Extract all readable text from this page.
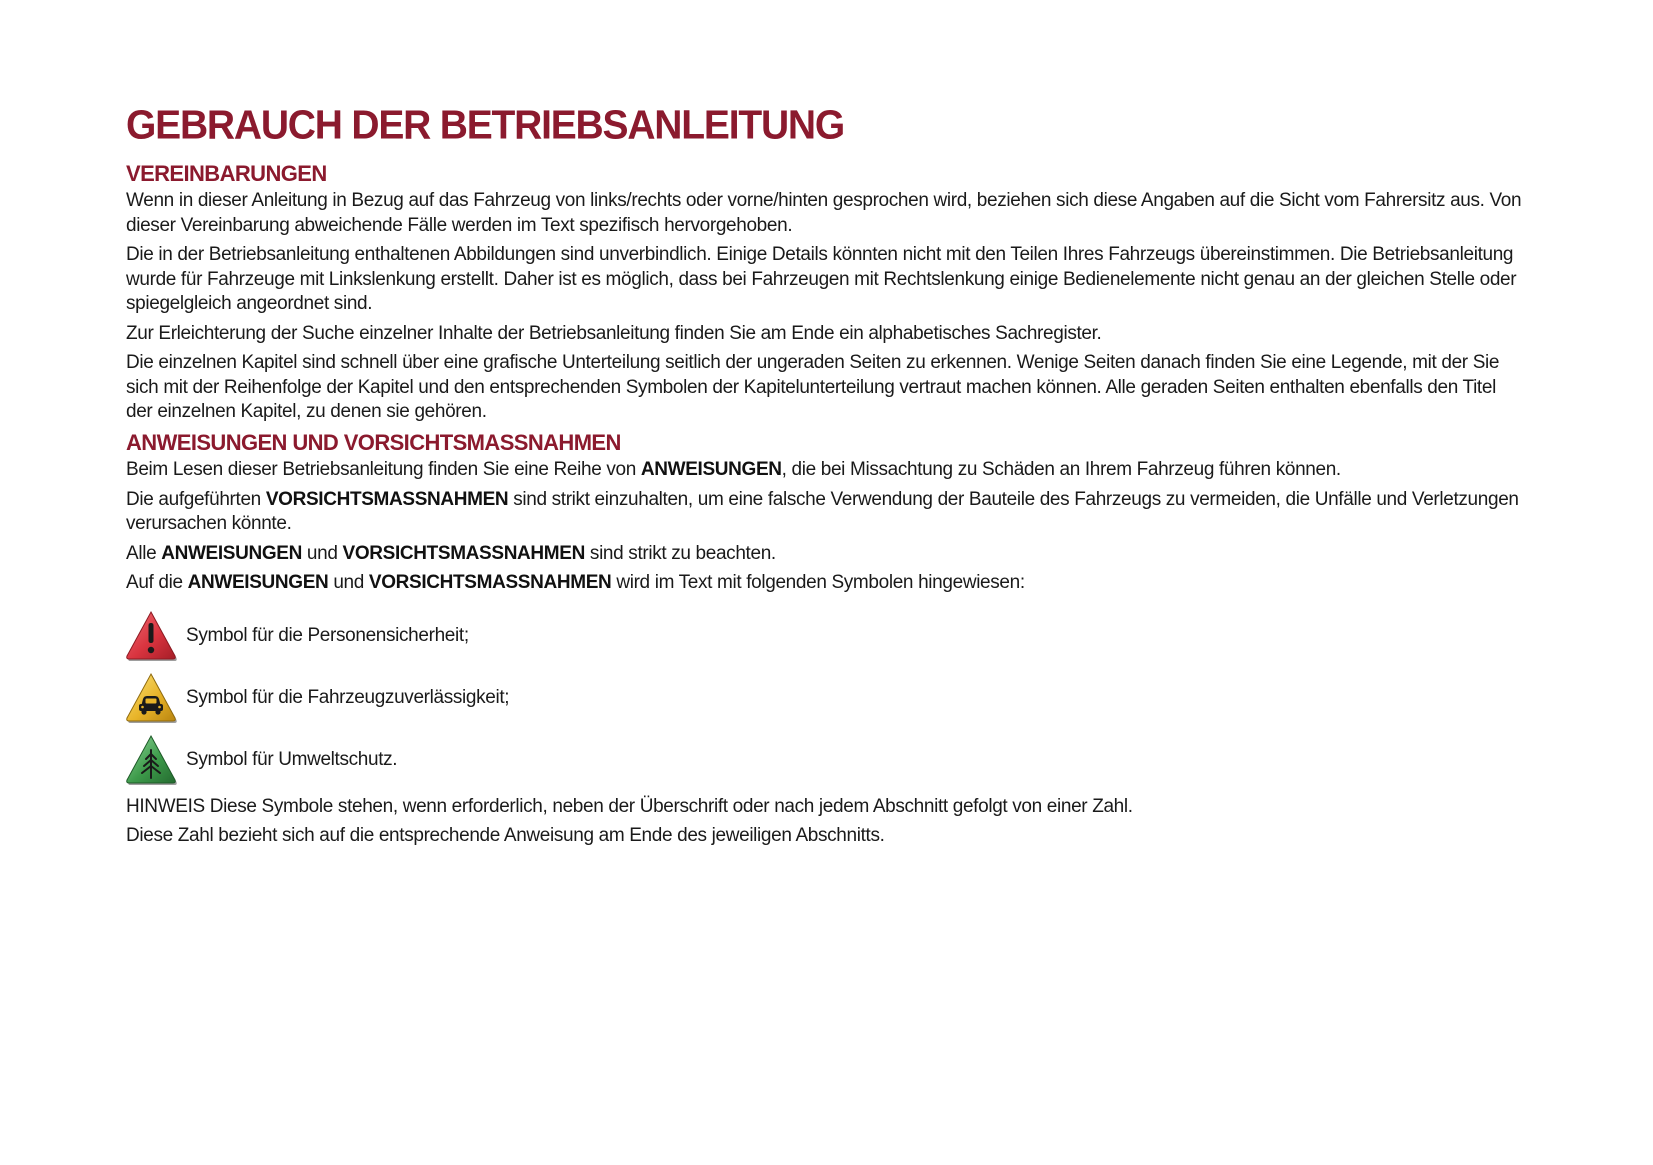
GEBRAUCH DER BETRIEBSANLEITUNG
VEREINBARUNGEN

Wenn in dieser Anleitung in Bezug auf das Fahrzeug von links/rechts oder vorne/hinten gesprochen wird, beziehen sich diese Angaben auf die Sicht vom Fahrersitz aus. Von dieser Vereinbarung abweichende Fälle werden im Text spezifisch hervorgehoben.

Die in der Betriebsanleitung enthaltenen Abbildungen sind unverbindlich. Einige Details könnten nicht mit den Teilen Ihres Fahrzeugs übereinstimmen. Die Betriebsanleitung wurde für Fahrzeuge mit Linkslenkung erstellt. Daher ist es möglich, dass bei Fahrzeugen mit Rechtslenkung einige Bedienelemente nicht genau an der gleichen Stelle oder spiegelgleich angeordnet sind.

Zur Erleichterung der Suche einzelner Inhalte der Betriebsanleitung finden Sie am Ende ein alphabetisches Sachregister.

Die einzelnen Kapitel sind schnell über eine grafische Unterteilung seitlich der ungeraden Seiten zu erkennen. Wenige Seiten danach finden Sie eine Legende, mit der Sie sich mit der Reihenfolge der Kapitel und den entsprechenden Symbolen der Kapitelunterteilung vertraut machen können. Alle geraden Seiten enthalten ebenfalls den Titel der einzelnen Kapitel, zu denen sie gehören.

ANWEISUNGEN UND VORSICHTSMASSNAHMEN

Beim Lesen dieser Betriebsanleitung finden Sie eine Reihe von ANWEISUNGEN, die bei Missachtung zu Schäden an Ihrem Fahrzeug führen können.

Die aufgeführten VORSICHTSMASSNAHMEN sind strikt einzuhalten, um eine falsche Verwendung der Bauteile des Fahrzeugs zu vermeiden, die Unfälle und Verletzungen verursachen könnte.

Alle ANWEISUNGEN und VORSICHTSMASSNAHMEN sind strikt zu beachten.

Auf die ANWEISUNGEN und VORSICHTSMASSNAHMEN wird im Text mit folgenden Symbolen hingewiesen:

Symbol für die Personensicherheit;
Symbol für die Fahrzeugzuverlässigkeit;
Symbol für Umweltschutz.

HINWEIS Diese Symbole stehen, wenn erforderlich, neben der Überschrift oder nach jedem Abschnitt gefolgt von einer Zahl.

Diese Zahl bezieht sich auf die entsprechende Anweisung am Ende des jeweiligen Abschnitts.
